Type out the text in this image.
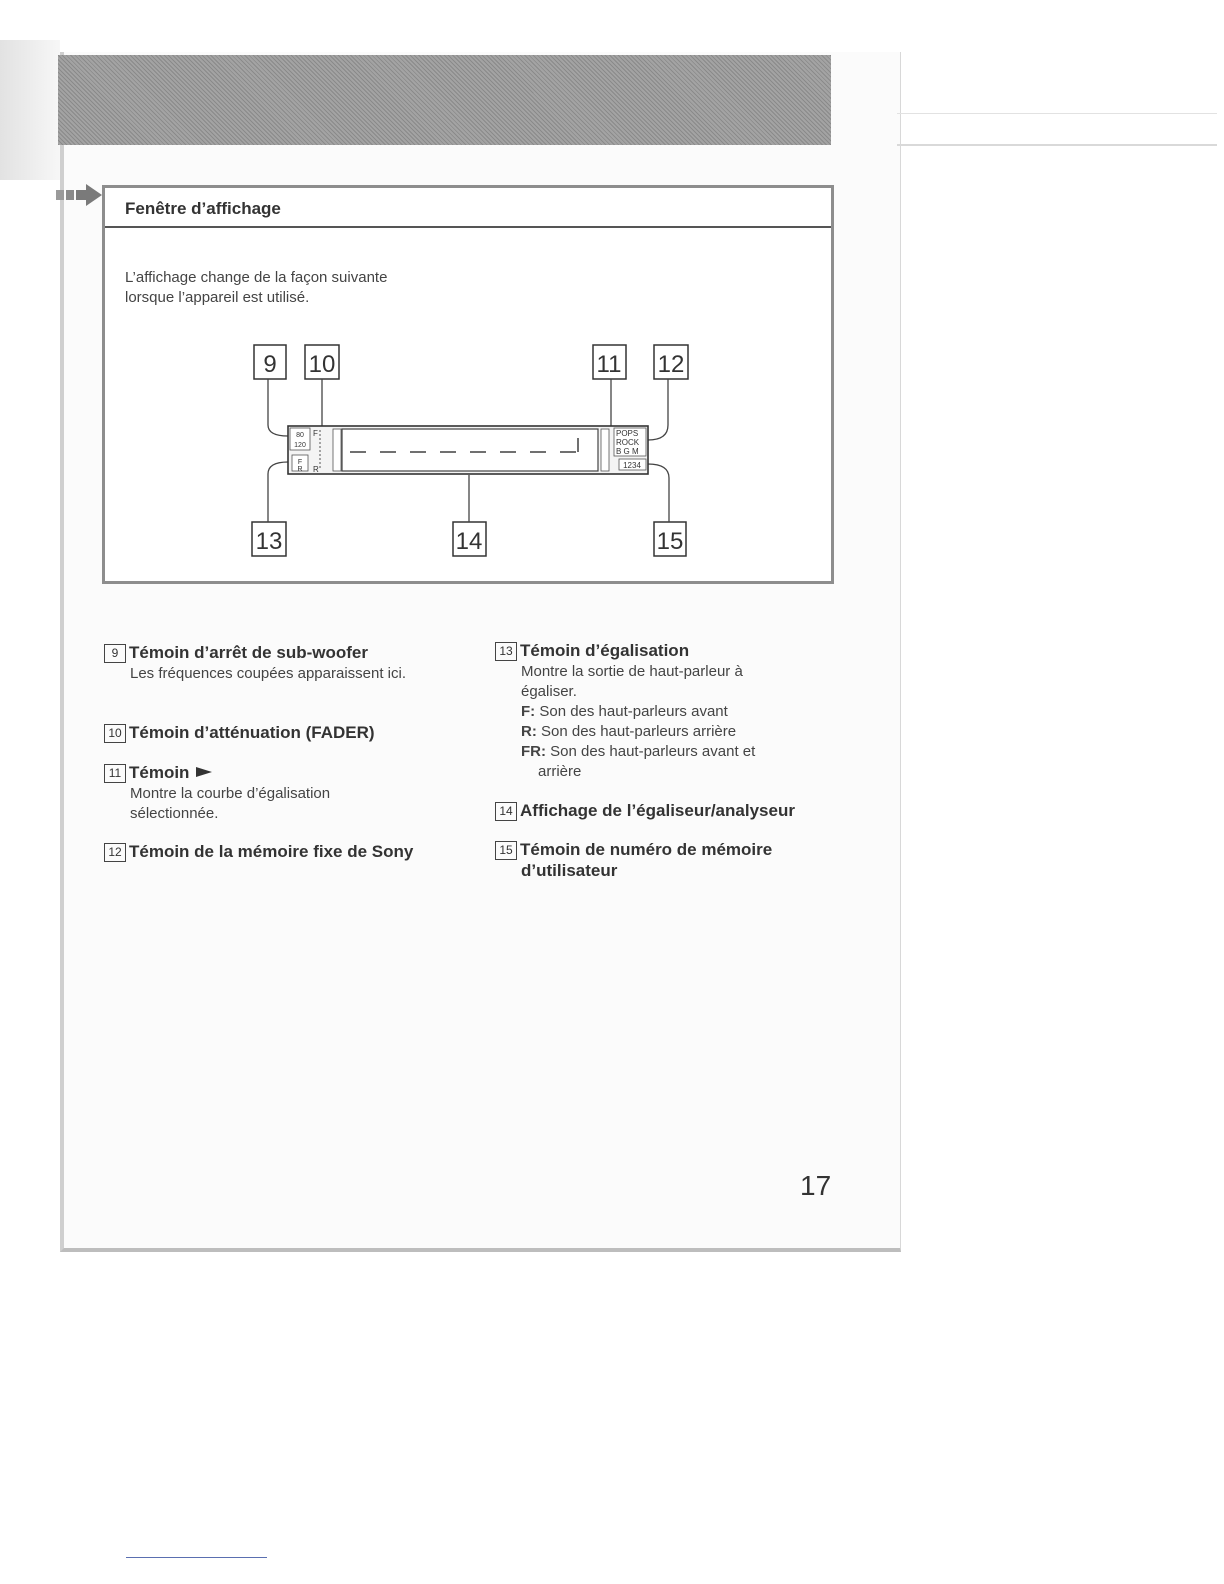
Fenêtre d’affichage
L’affichage change de la façon suivante lorsque l’appareil est utilisé.
9 10	11 12
13	14	15
80
120
F
R
F
R
POPS
ROCK
B G M
1234
9 Témoin d’arrêt de sub-woofer
Les fréquences coupées apparaissent ici.
10 Témoin d’atténuation (FADER)
11 Témoin
Montre la courbe d’égalisation sélectionnée.
12 Témoin de la mémoire fixe de Sony
13 Témoin d’égalisation
Montre la sortie de haut-parleur à égaliser.
F: Son des haut-parleurs avant
R: Son des haut-parleurs arrière
FR: Son des haut-parleurs avant et
arrière
14 Affichage de l’égaliseur/analyseur
15 Témoin de numéro de mémoire
d’utilisateur
17
